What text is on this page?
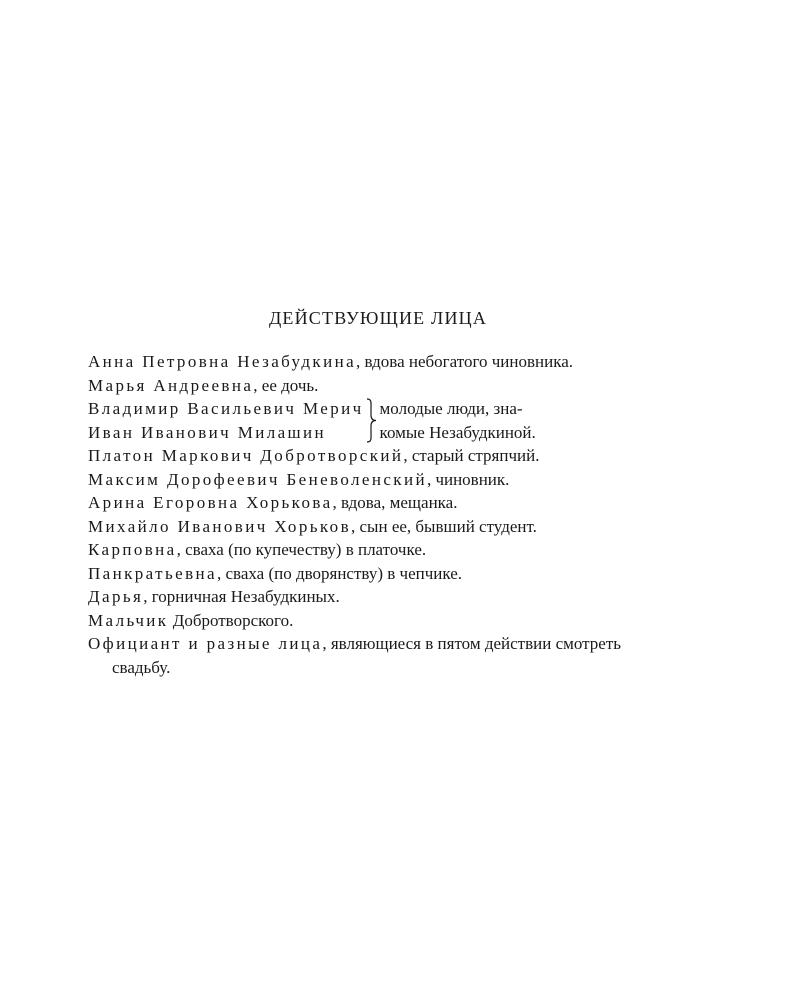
ДЕЙСТВУЮЩИЕ ЛИЦА
Анна Петровна Незабудкина, вдова небогатого чиновника.
Марья Андреевна, ее дочь.
Владимир Васильевич Мерич
Иван Иванович Милашин
молодые люди, зна-
комые Незабудкиной.
Платон Маркович Добротворский, старый стряпчий.
Максим Дорофеевич Беневоленский, чиновник.
Арина Егоровна Хорькова, вдова, мещанка.
Михайло Иванович Хорьков, сын ее, бывший студент.
Карповна, сваха (по купечеству) в платочке.
Панкратьевна, сваха (по дворянству) в чепчике.
Дарья, горничная Незабудкиных.
Мальчик Добротворского.
Официант и разные лица, являющиеся в пятом действии смотреть свадьбу.
